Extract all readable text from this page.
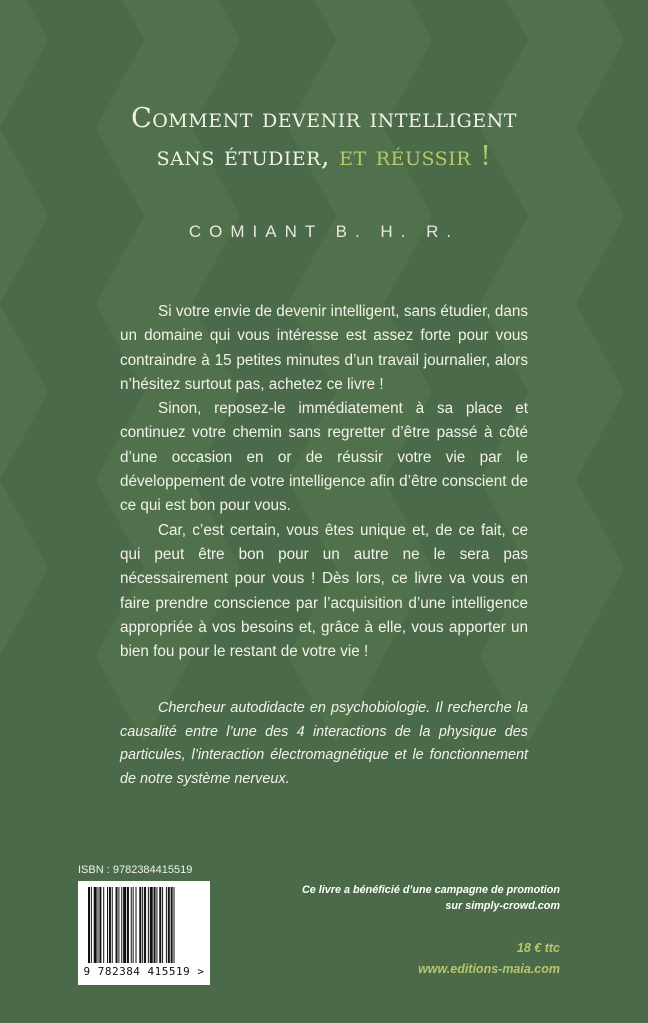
Comment devenir intelligent
sans étudier, et réussir !
COMIANT B. H. R.

Si votre envie de devenir intelligent, sans étudier, dans un domaine qui vous intéresse est assez forte pour vous contraindre à 15 petites minutes d’un travail journalier, alors n’hésitez surtout pas, achetez ce livre !

Sinon, reposez-le immédiatement à sa place et continuez votre chemin sans regretter d’être passé à côté d’une occasion en or de réussir votre vie par le développement de votre intelligence afin d’être conscient de ce qui est bon pour vous.

Car, c’est certain, vous êtes unique et, de ce fait, ce qui peut être bon pour un autre ne le sera pas nécessairement pour vous ! Dès lors, ce livre va vous en faire prendre conscience par l’acquisition d’une intelligence appropriée à vos besoins et, grâce à elle, vous apporter un bien fou pour le restant de votre vie !

Chercheur autodidacte en psychobiologie. Il recherche la causalité entre l’une des 4 interactions de la physique des particules, l’interaction électromagnétique et le fonctionnement de notre système nerveux.

ISBN : 9782384415519
9 782384 415519 >
Ce livre a bénéficié d’une campagne de promotion
sur simply-crowd.com
18 € ttc
www.editions-maia.com
